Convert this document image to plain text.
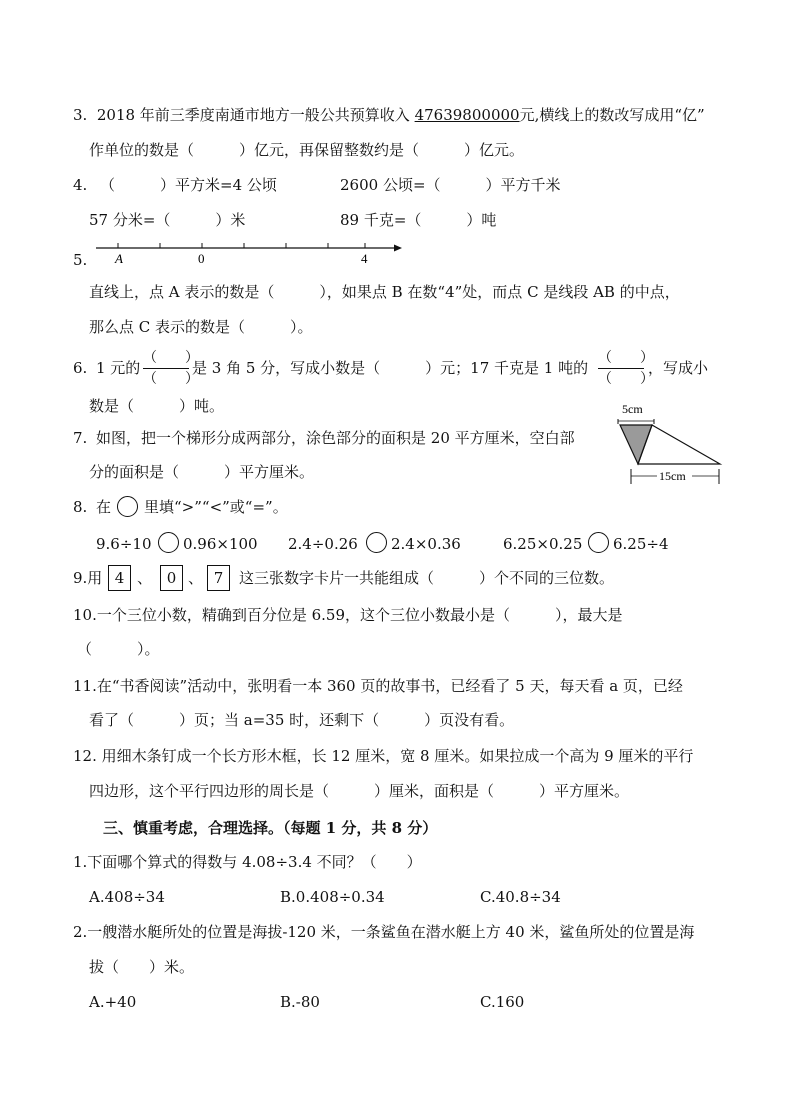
3. 2018 年前三季度南通市地方一般公共预算收入 47639800000元,横线上的数改写成用“亿”
作单位的数是（　　　）亿元，再保留整数约是（　　　）亿元。
4. （　　　）平方米=4 公顷	2600 公顷=（　　　）平方千米
57 分米=（　　　）米	89 千克=（　　　）吨
5. A	0	4
直线上，点 A 表示的数是（　　　），如果点 B 在数“4”处，而点 C 是线段 AB 的中点，
那么点 C 表示的数是（　　　）。
6. 1 元的
（　　）
（　　）
是 3 角 5 分，写成小数是（　　　）元；17 千克是 1 吨的
（　　）
（　　）
，写成小
数是（　　　）吨。
7. 如图，把一个梯形分成两部分，涂色部分的面积是 20 平方厘米，空白部
分的面积是（　　　）平方厘米。
5cm
15cm
8. 在 里填“>”“<”或“=”。
9.6÷10 0.96×100 2.4÷0.26 2.4×0.36	6.25×0.25 6.25÷4
9.用 4 、 0 、 7	这三张数字卡片一共能组成（　　　）个不同的三位数。
10.一个三位小数，精确到百分位是 6.59，这个三位小数最小是（　　　），最大是
（　　　）。
11.在“书香阅读”活动中，张明看一本 360 页的故事书，已经看了 5 天，每天看 a 页，已经
看了（　　　）页；当 a=35 时，还剩下（　　　）页没有看。
12. 用细木条钉成一个长方形木框，长 12 厘米，宽 8 厘米。如果拉成一个高为 9 厘米的平行
四边形，这个平行四边形的周长是（　　　）厘米，面积是（　　　）平方厘米。
三、慎重考虑，合理选择。（每题 1 分，共 8 分）
1.下面哪个算式的得数与 4.08÷3.4 不同？（　　）
A.408÷34	B.0.408÷0.34	C.40.8÷34
2.一艘潜水艇所处的位置是海拔-120 米，一条鲨鱼在潜水艇上方 40 米，鲨鱼所处的位置是海
拔（　　）米。
A.+40	B.-80	C.160
